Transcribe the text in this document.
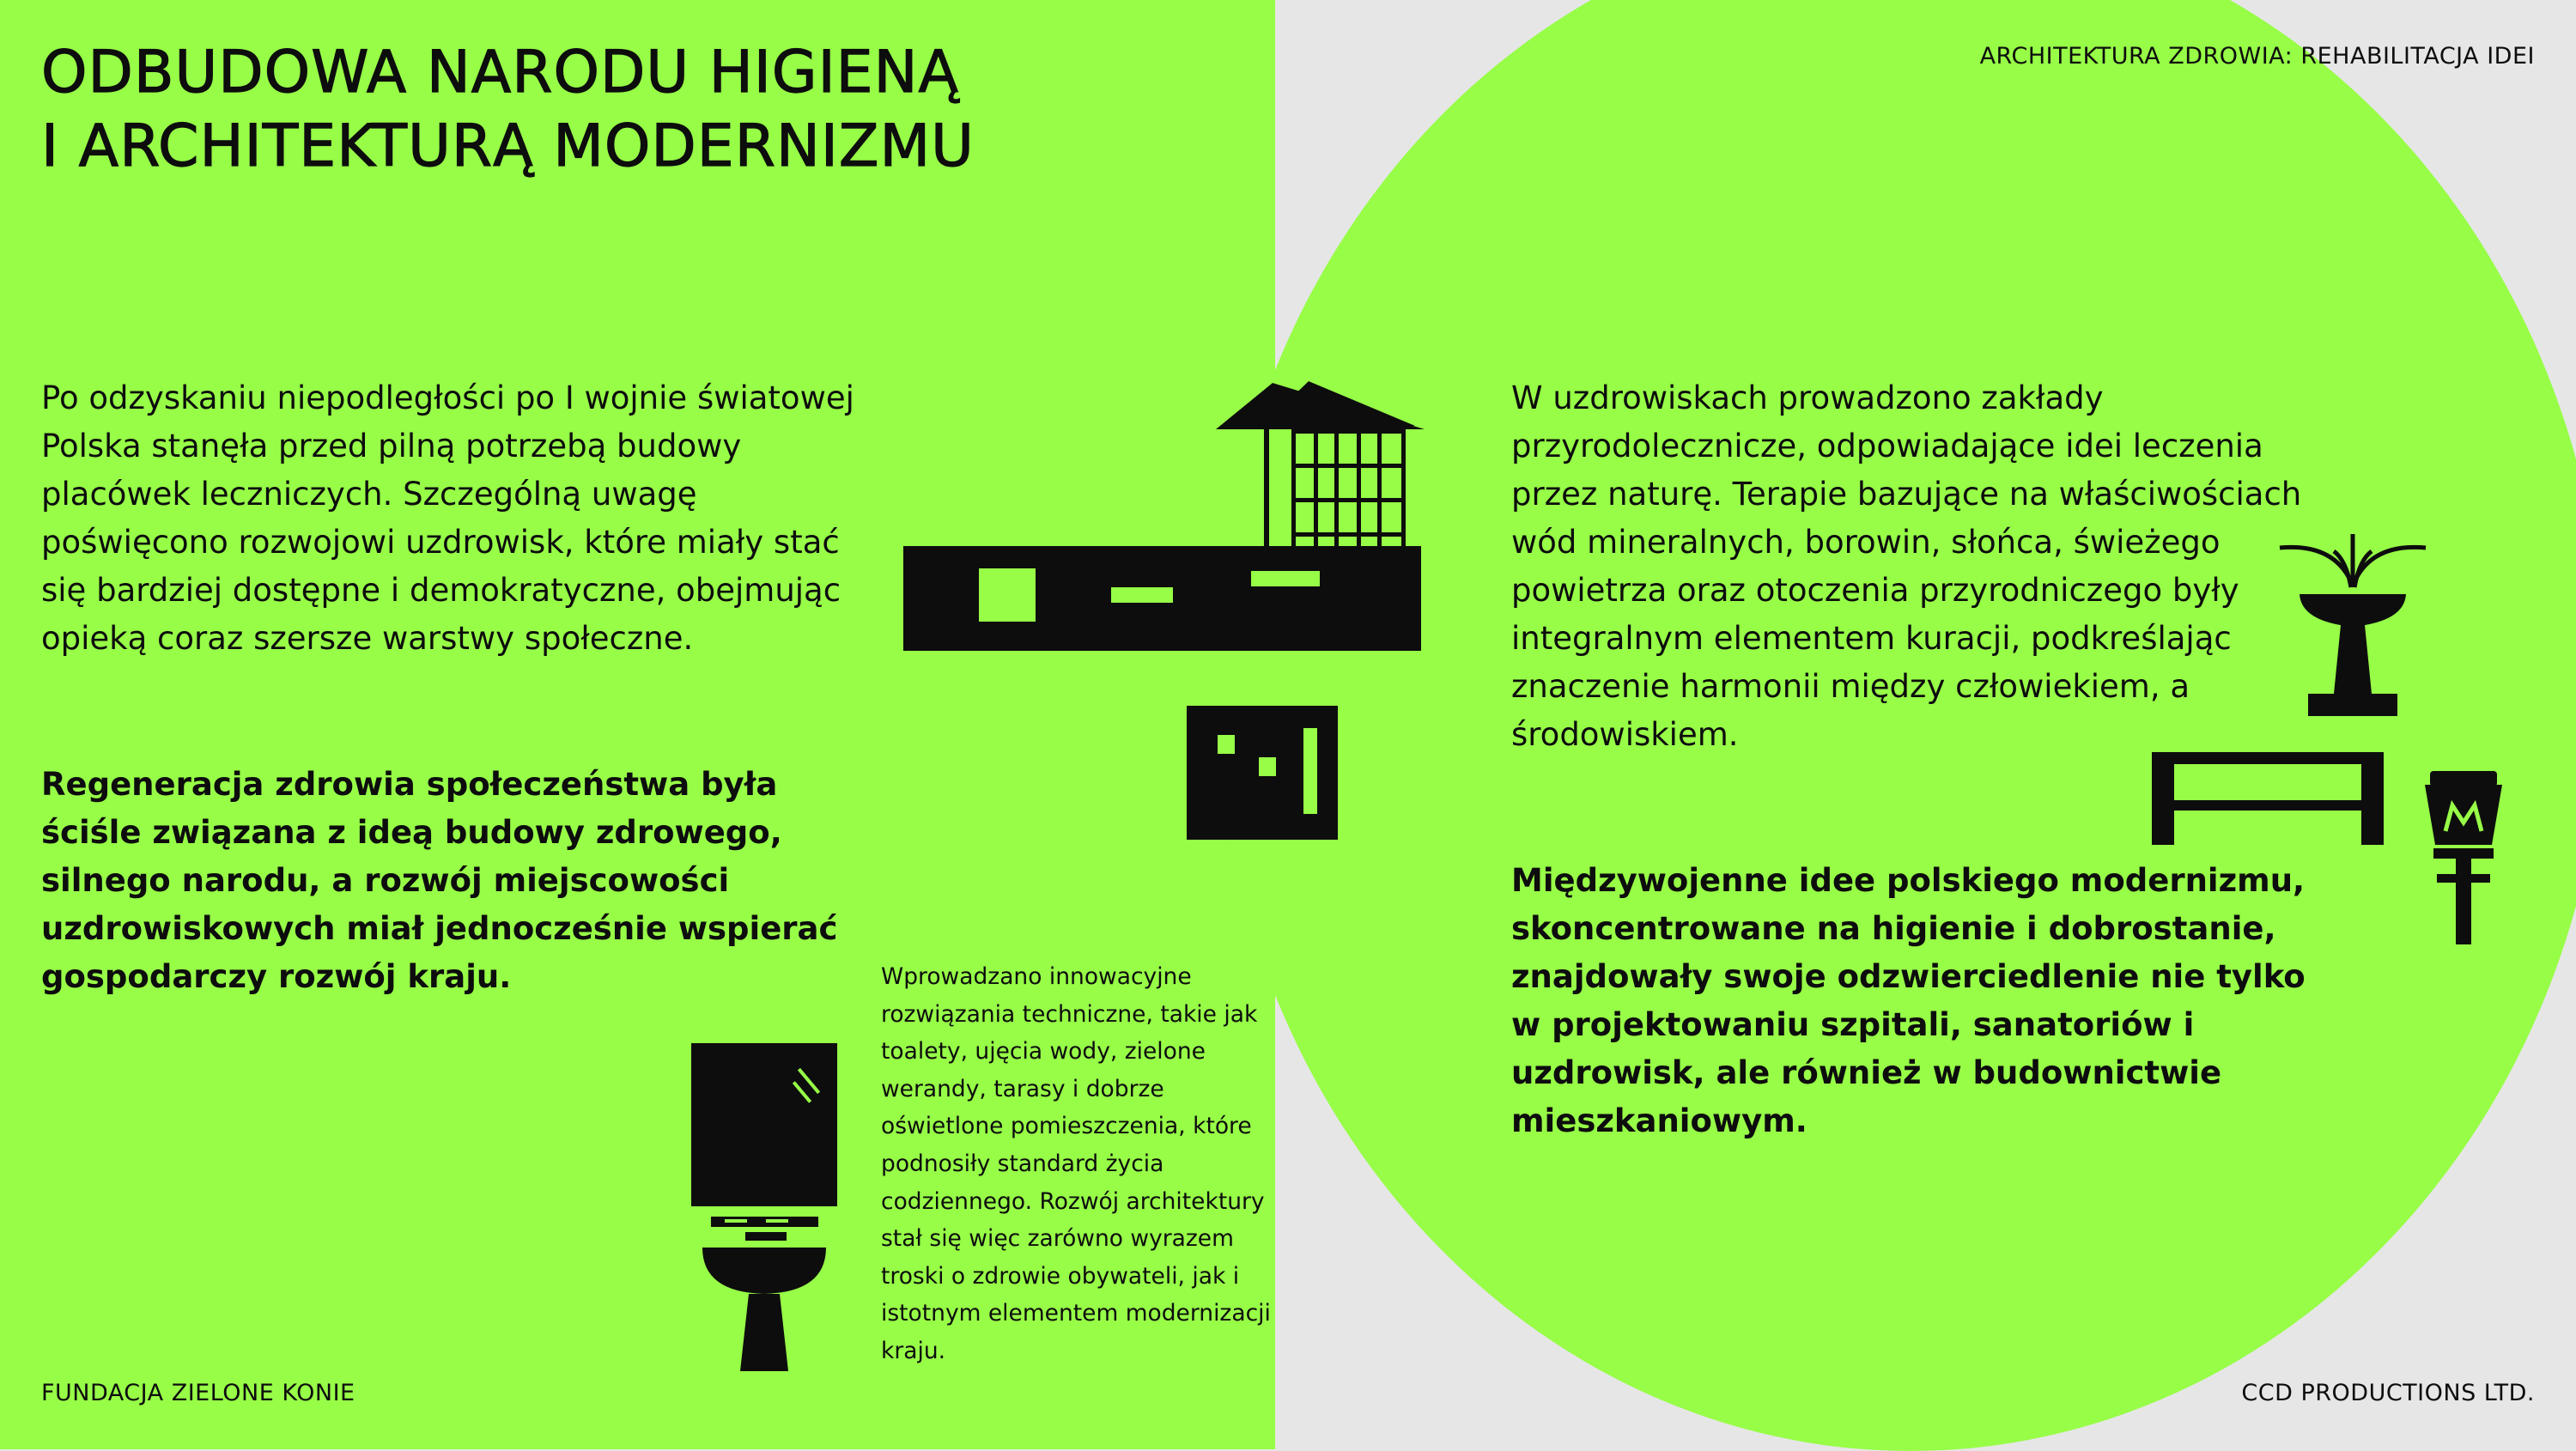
ODBUDOWA NARODU HIGIENĄ
I ARCHITEKTURĄ MODERNIZMU
ARCHITEKTURA ZDROWIA: REHABILITACJA IDEI

Po odzyskaniu niepodległości po I wojnie światowej Polska stanęła przed pilną potrzebą budowy placówek leczniczych. Szczególną uwagę poświęcono rozwojowi uzdrowisk, które miały stać się bardziej dostępne i demokratyczne, obejmując opieką coraz szersze warstwy społeczne.

Regeneracja zdrowia społeczeństwa była ściśle związana z ideą budowy zdrowego, silnego narodu, a rozwój miejscowości uzdrowiskowych miał jednocześnie wspierać gospodarczy rozwój kraju.	Wprowadzano innowacyjne rozwiązania techniczne, takie jak toalety, ujęcia wody, zielone werandy, tarasy i dobrze oświetlone pomieszczenia, które podnosiły standard życia codziennego. Rozwój architektury stał się więc zarówno wyrazem troski o zdrowie obywateli, jak i istotnym elementem modernizacji kraju.

W uzdrowiskach prowadzono zakłady przyrodolecznicze, odpowiadające idei leczenia przez naturę. Terapie bazujące na właściwościach wód mineralnych, borowin, słońca, świeżego powietrza oraz otoczenia przyrodniczego były integralnym elementem kuracji, podkreślając znaczenie harmonii między człowiekiem, a środowiskiem.

Międzywojenne idee polskiego modernizmu, skoncentrowane na higienie i dobrostanie, znajdowały swoje odzwierciedlenie nie tylko w projektowaniu szpitali, sanatoriów i uzdrowisk, ale również w budownictwie mieszkaniowym.

FUNDACJA ZIELONE KONIE	CCD PRODUCTIONS LTD.
